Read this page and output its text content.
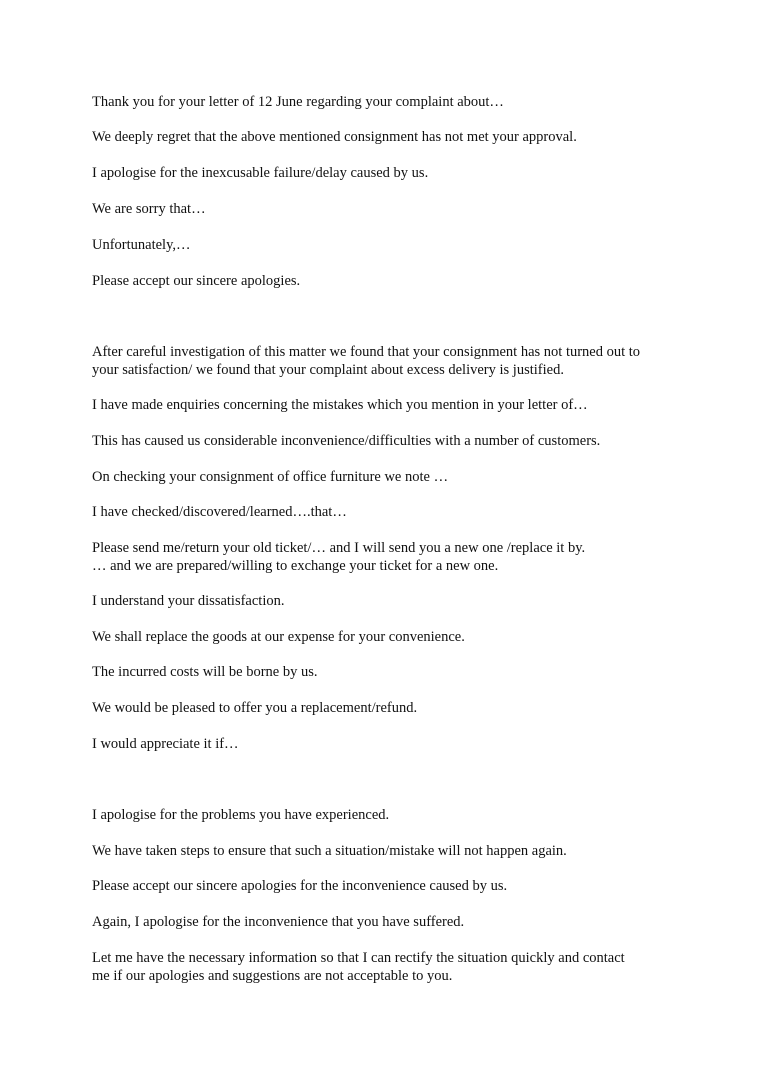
Thank you for your letter of 12 June regarding your complaint about…
We deeply regret that the above mentioned consignment has not met your approval.
I apologise for the inexcusable failure/delay caused by us.
We are sorry that…
Unfortunately,…
Please accept our sincere apologies.
After careful investigation of this matter we found that your consignment has not turned out to
your satisfaction/ we found that your complaint about excess delivery is justified.
I have made enquiries concerning the mistakes which you mention in your letter of…
This has caused us considerable inconvenience/difficulties with a number of customers.
On checking your consignment of office furniture we note …
I have checked/discovered/learned….that…
Please send me/return your old ticket/… and I will send you a new one /replace it by.
… and we are prepared/willing to exchange your ticket for a new one.
I understand your dissatisfaction.
We shall replace the goods at our expense for your convenience.
The incurred costs will be borne by us.
We would be pleased to offer you a replacement/refund.
I would appreciate it if…
I apologise for the problems you have experienced.
We have taken steps to ensure that such a situation/mistake will not happen again.
Please accept our sincere apologies for the inconvenience caused by us.
Again, I apologise for the inconvenience that you have suffered.
Let me have the necessary information so that I can rectify the situation quickly and contact
me if our apologies and suggestions are not acceptable to you.
